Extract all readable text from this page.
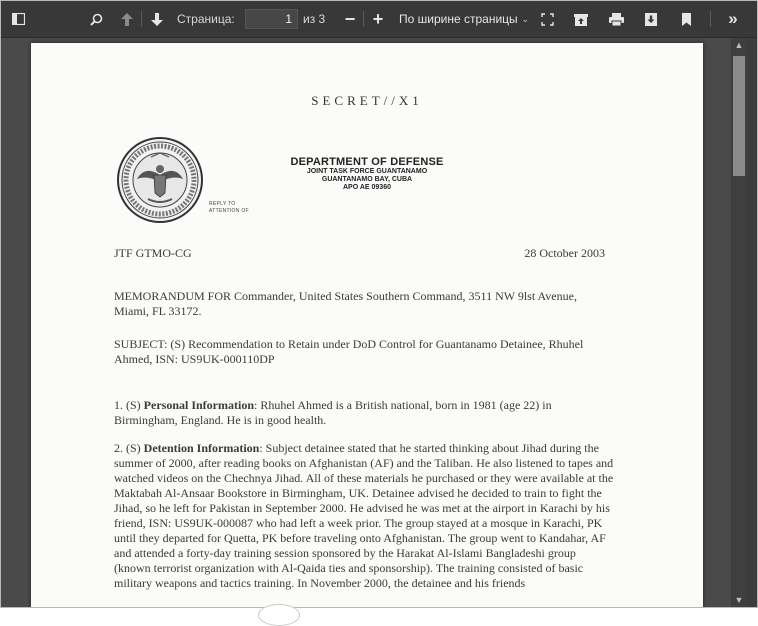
Страница:
1	из 3 − +	По ширине страницы ⌄	»
SECRET//X1
REPLY TO
ATTENTION OF
DEPARTMENT OF DEFENSE
JOINT TASK FORCE GUANTANAMO
GUANTANAMO BAY, CUBA
APO AE 09360
JTF GTMO-CG	28 October 2003
MEMORANDUM FOR Commander, United States Southern Command, 3511 NW 9lst Avenue, Miami, FL 33172.
SUBJECT: (S) Recommendation to Retain under DoD Control for Guantanamo Detainee, Rhuhel Ahmed, ISN: US9UK-000110DP
1. (S) Personal Information: Rhuhel Ahmed is a British national, born in 1981 (age 22) in Birmingham, England. He is in good health.
2. (S) Detention Information: Subject detainee stated that he started thinking about Jihad during the summer of 2000, after reading books on Afghanistan (AF) and the Taliban. He also listened to tapes and watched videos on the Chechnya Jihad. All of these materials he purchased or they were available at the Maktabah Al-Ansaar Bookstore in Birmingham, UK. Detainee advised he decided to train to fight the Jihad, so he left for Pakistan in September 2000. He advised he was met at the airport in Karachi by his friend, ISN: US9UK-000087 who had left a week prior. The group stayed at a mosque in Karachi, PK until they departed for Quetta, PK before traveling onto Afghanistan. The group went to Kandahar, AF and attended a forty-day training session sponsored by the Harakat Al-Islami Bangladeshi group (known terrorist organization with Al-Qaida ties and sponsorship). The training consisted of basic military weapons and tactics training. In November 2000, the detainee and his friends
▲
▼
